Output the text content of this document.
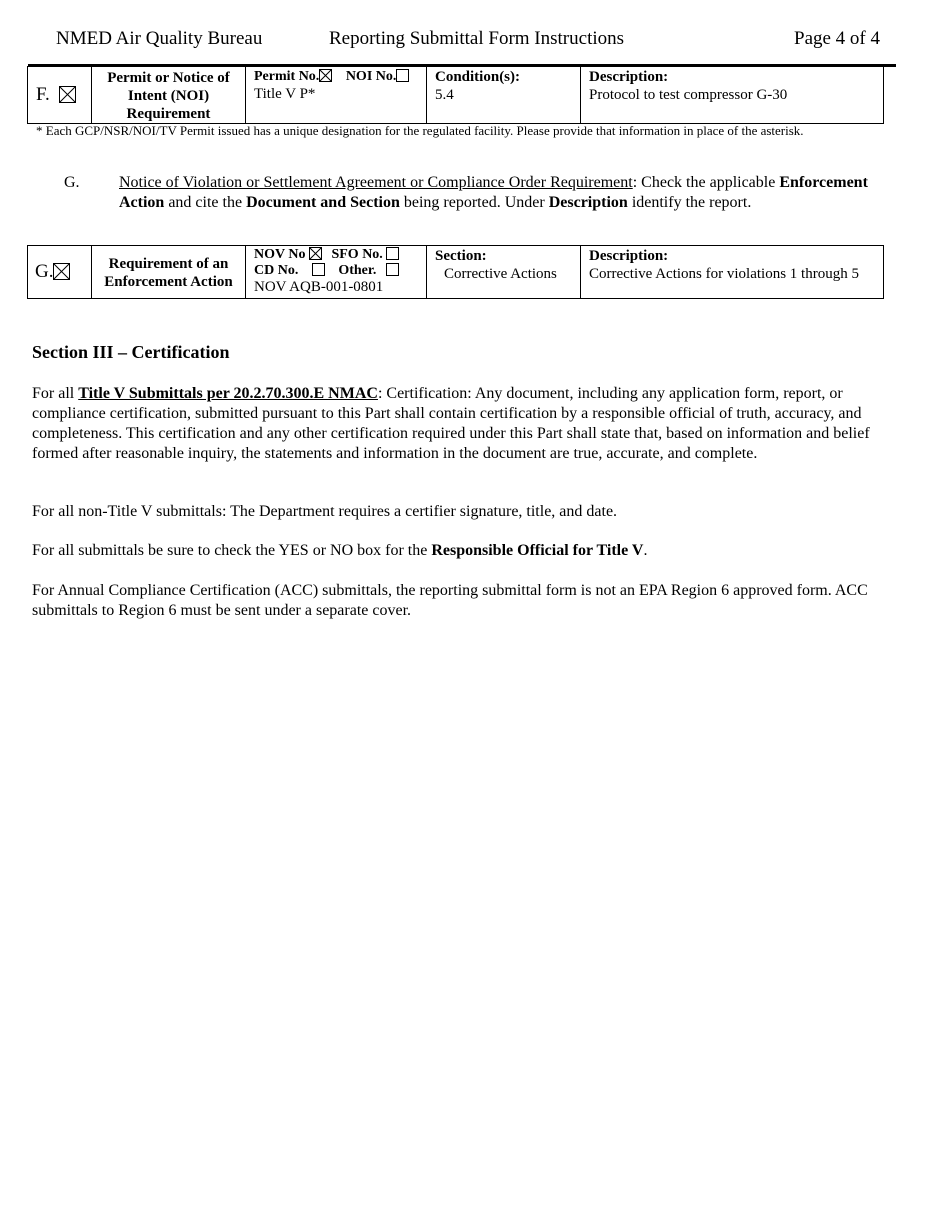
NMED Air Quality Bureau	Reporting Submittal Form Instructions	Page 4 of 4
F.

Permit or Notice of Intent (NOI) Requirement

Permit No. NOI No.
Title V P*

Condition(s):
5.4

Description:
Protocol to test compressor G-30
* Each GCP/NSR/NOI/TV Permit issued has a unique designation for the regulated facility. Please provide that information in place of the asterisk.
G. Notice of Violation or Settlement Agreement or Compliance Order Requirement: Check the applicable Enforcement Action and cite the Document and Section being reported. Under Description identify the report.
G.	Requirement of an Enforcement Action

NOV No SFO No.
CD No.	Other.
NOV AQB-001-0801

Section:
Corrective Actions

Description:
Corrective Actions for violations 1 through 5
Section III – Certification
For all Title V Submittals per 20.2.70.300.E NMAC: Certification: Any document, including any application form, report, or compliance certification, submitted pursuant to this Part shall contain certification by a responsible official of truth, accuracy, and completeness. This certification and any other certification required under this Part shall state that, based on information and belief formed after reasonable inquiry, the statements and information in the document are true, accurate, and complete.
For all non-Title V submittals: The Department requires a certifier signature, title, and date.
For all submittals be sure to check the YES or NO box for the Responsible Official for Title V.
For Annual Compliance Certification (ACC) submittals, the reporting submittal form is not an EPA Region 6 approved form. ACC submittals to Region 6 must be sent under a separate cover.
